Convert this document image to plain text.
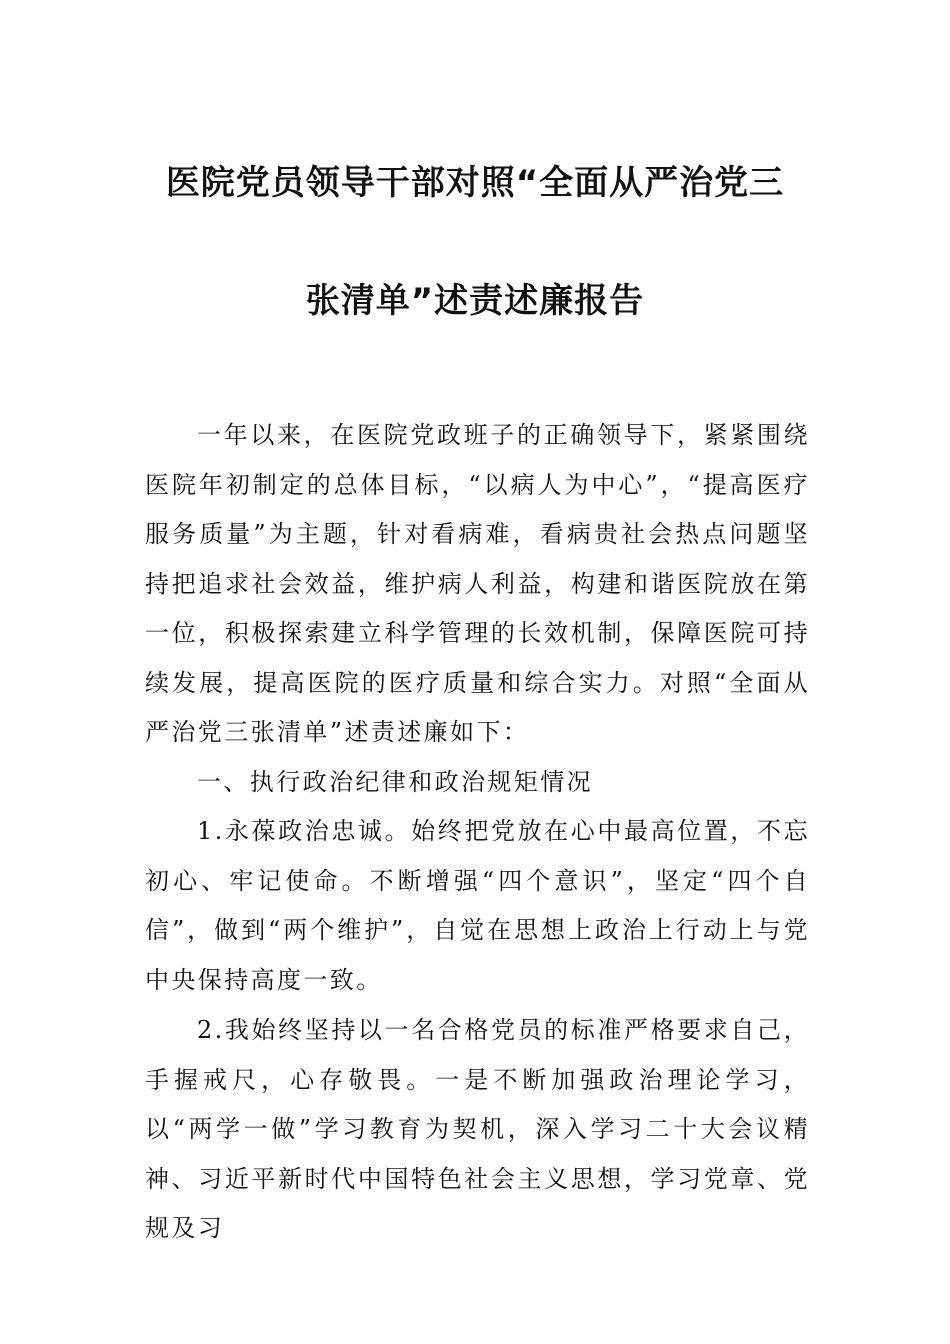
医院党员领导干部对照“全面从严治党三
张清单”述责述廉报告

一年以来，在医院党政班子的正确领导下，紧紧围绕医院年初制定的总体目标，“以病人为中心”，“提高医疗服务质量”为主题，针对看病难，看病贵社会热点问题坚持把追求社会效益，维护病人利益，构建和谐医院放在第一位，积极探索建立科学管理的长效机制，保障医院可持续发展，提高医院的医疗质量和综合实力。对照“全面从严治党三张清单”述责述廉如下：

一、执行政治纪律和政治规矩情况

1.永葆政治忠诚。始终把党放在心中最高位置，不忘初心、牢记使命。不断增强“四个意识”，坚定“四个自信”，做到“两个维护”，自觉在思想上政治上行动上与党中央保持高度一致。

2.我始终坚持以一名合格党员的标准严格要求自己，手握戒尺，心存敬畏。一是不断加强政治理论学习，以“两学一做”学习教育为契机，深入学习二十大会议精神、习近平新时代中国特色社会主义思想，学习党章、党规及习
